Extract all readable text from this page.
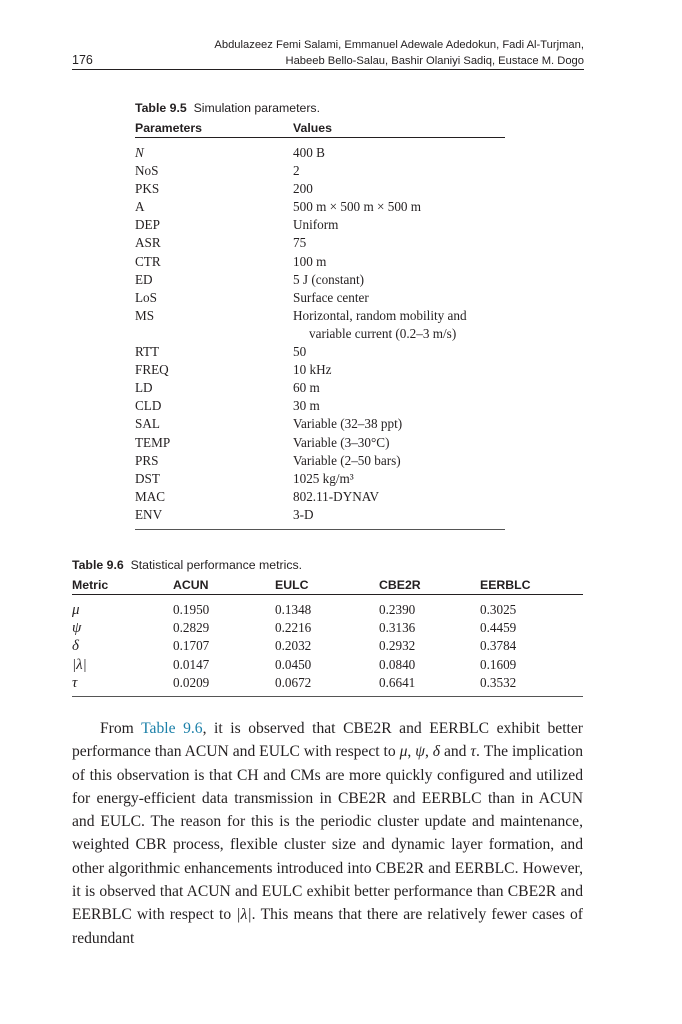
176
Abdulazeez Femi Salami, Emmanuel Adewale Adedokun, Fadi Al-Turjman,
Habeeb Bello-Salau, Bashir Olaniyi Sadiq, Eustace M. Dogo
Table 9.5 Simulation parameters.
Parameters	Values
N	400 B
NoS	2
PKS	200
A	500 m × 500 m × 500 m
DEP	Uniform
ASR	75
CTR	100 m
ED	5 J (constant)
LoS	Surface center
MS	Horizontal, random mobility and
variable current (0.2–3 m/s)
RTT	50
FREQ	10 kHz
LD	60 m
CLD	30 m
SAL	Variable (32–38 ppt)
TEMP	Variable (3–30°C)
PRS	Variable (2–50 bars)
DST	1025 kg/m³
MAC	802.11-DYNAV
ENV	3-D
Table 9.6 Statistical performance metrics.
Metric	ACUN	EULC	CBE2R	EERBLC
μ	0.1950	0.1348	0.2390	0.3025
ψ	0.2829	0.2216	0.3136	0.4459
δ	0.1707	0.2032	0.2932	0.3784
|λ|	0.0147	0.0450	0.0840	0.1609
τ	0.0209	0.0672	0.6641	0.3532

From Table 9.6, it is observed that CBE2R and EERBLC exhibit better performance than ACUN and EULC with respect to μ, ψ, δ and τ. The implication of this observation is that CH and CMs are more quickly configured and utilized for energy-efficient data transmission in CBE2R and EERBLC than in ACUN and EULC. The reason for this is the periodic cluster update and maintenance, weighted CBR process, flexible cluster size and dynamic layer formation, and other algorithmic enhancements introduced into CBE2R and EERBLC. However, it is observed that ACUN and EULC exhibit better performance than CBE2R and EERBLC with respect to |λ|. This means that there are relatively fewer cases of redundant
